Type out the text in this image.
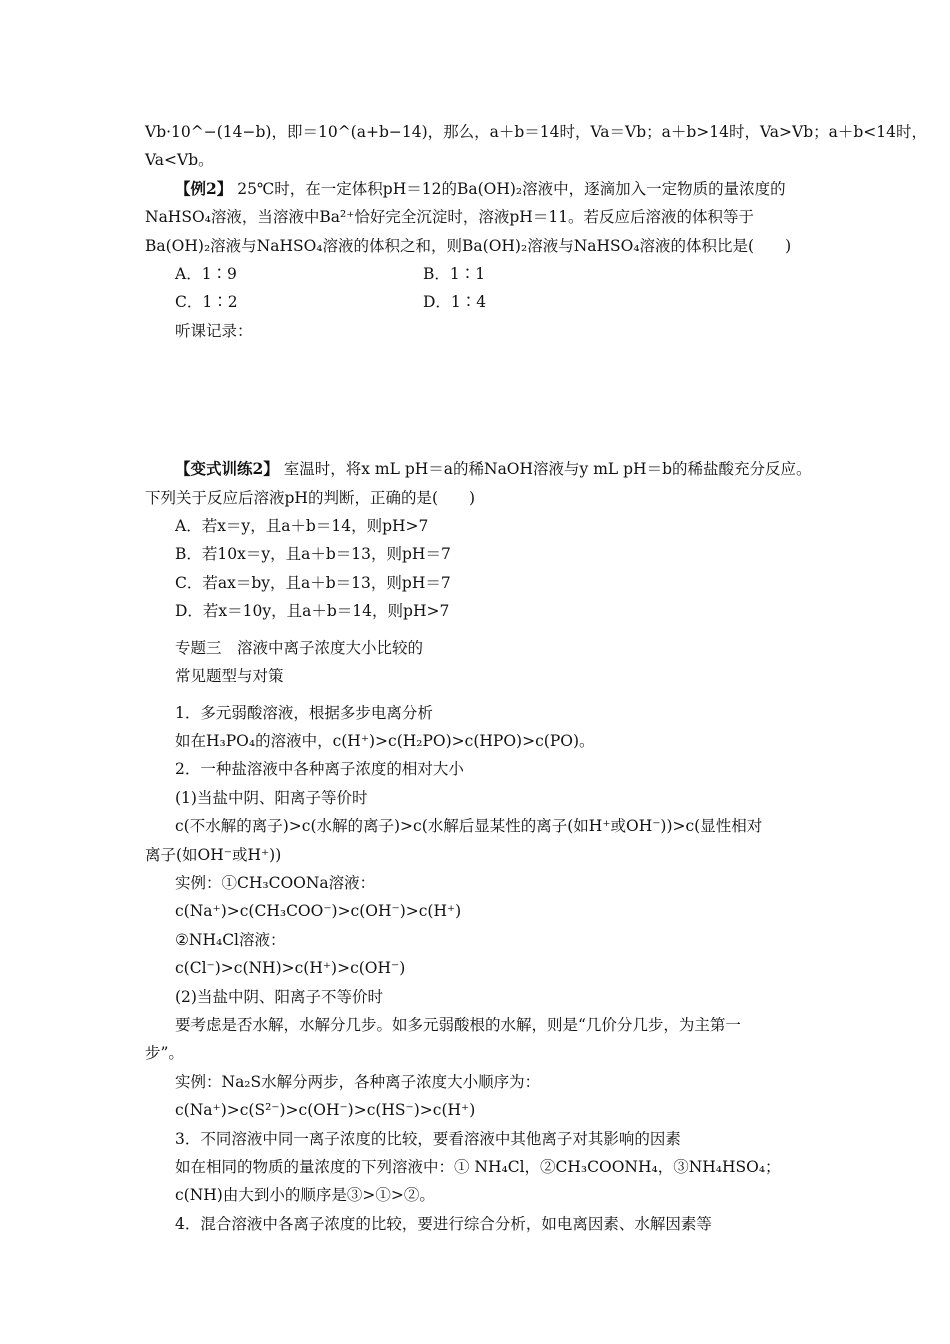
Vb·10^−(14−b)，即＝10^(a+b−14)，那么，a＋b＝14时，Va＝Vb；a＋b>14时，Va>Vb；a＋b<14时，
Va<Vb。
【例2】 25℃时，在一定体积pH＝12的Ba(OH)₂溶液中，逐滴加入一定物质的量浓度的
NaHSO₄溶液，当溶液中Ba²⁺恰好完全沉淀时，溶液pH＝11。若反应后溶液的体积等于
Ba(OH)₂溶液与NaHSO₄溶液的体积之和，则Ba(OH)₂溶液与NaHSO₄溶液的体积比是(　　)
A．1∶9	B．1∶1
C．1∶2	D．1∶4
听课记录：
【变式训练2】 室温时，将x mL pH＝a的稀NaOH溶液与y mL pH＝b的稀盐酸充分反应。
下列关于反应后溶液pH的判断，正确的是(　　)
A．若x＝y，且a＋b＝14，则pH>7
B．若10x＝y，且a＋b＝13，则pH＝7
C．若ax＝by，且a＋b＝13，则pH＝7
D．若x＝10y，且a＋b＝14，则pH>7
专题三　溶液中离子浓度大小比较的
常见题型与对策
1．多元弱酸溶液，根据多步电离分析
如在H₃PO₄的溶液中，c(H⁺)>c(H₂PO)>c(HPO)>c(PO)。
2．一种盐溶液中各种离子浓度的相对大小
(1)当盐中阴、阳离子等价时
c(不水解的离子)>c(水解的离子)>c(水解后显某性的离子(如H⁺或OH⁻))>c(显性相对
离子(如OH⁻或H⁺))
实例：①CH₃COONa溶液：
c(Na⁺)>c(CH₃COO⁻)>c(OH⁻)>c(H⁺)
②NH₄Cl溶液：
c(Cl⁻)>c(NH)>c(H⁺)>c(OH⁻)
(2)当盐中阴、阳离子不等价时
要考虑是否水解，水解分几步。如多元弱酸根的水解，则是“几价分几步，为主第一
步”。
实例：Na₂S水解分两步，各种离子浓度大小顺序为：
c(Na⁺)>c(S²⁻)>c(OH⁻)>c(HS⁻)>c(H⁺)
3．不同溶液中同一离子浓度的比较，要看溶液中其他离子对其影响的因素
如在相同的物质的量浓度的下列溶液中：① NH₄Cl，②CH₃COONH₄，③NH₄HSO₄；
c(NH)由大到小的顺序是③>①>②。
4．混合溶液中各离子浓度的比较，要进行综合分析，如电离因素、水解因素等
